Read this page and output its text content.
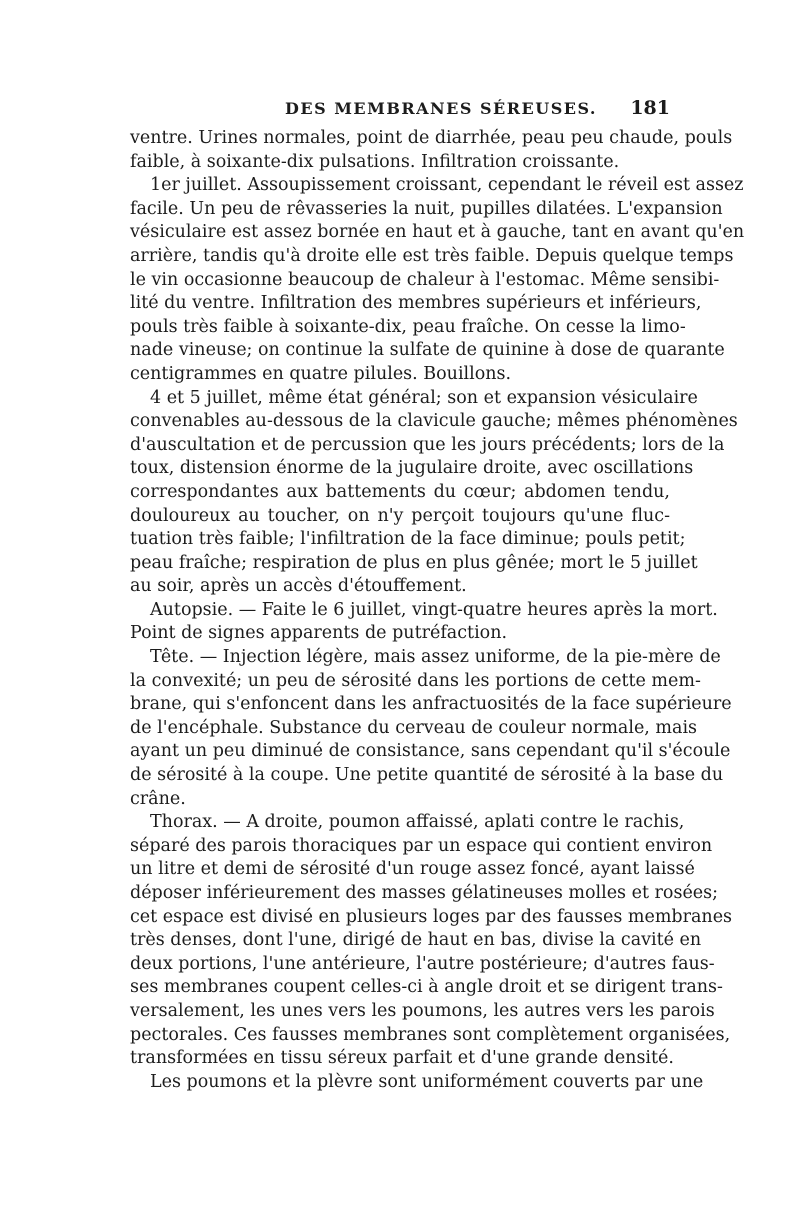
DES MEMBRANES SÉREUSES. 181
ventre. Urines normales, point de diarrhée, peau peu chaude, pouls
faible, à soixante-dix pulsations. Infiltration croissante.
1er juillet. Assoupissement croissant, cependant le réveil est assez
facile. Un peu de rêvasseries la nuit, pupilles dilatées. L'expansion
vésiculaire est assez bornée en haut et à gauche, tant en avant qu'en
arrière, tandis qu'à droite elle est très faible. Depuis quelque temps
le vin occasionne beaucoup de chaleur à l'estomac. Même sensibi-
lité du ventre. Infiltration des membres supérieurs et inférieurs,
pouls très faible à soixante-dix, peau fraîche. On cesse la limo-
nade vineuse; on continue la sulfate de quinine à dose de quarante
centigrammes en quatre pilules. Bouillons.
4 et 5 juillet, même état général; son et expansion vésiculaire
convenables au-dessous de la clavicule gauche; mêmes phénomènes
d'auscultation et de percussion que les jours précédents; lors de la
toux, distension énorme de la jugulaire droite, avec oscillations
correspondantes aux battements du cœur; abdomen tendu,
douloureux au toucher, on n'y perçoit toujours qu'une fluc-
tuation très faible; l'infiltration de la face diminue; pouls petit;
peau fraîche; respiration de plus en plus gênée; mort le 5 juillet
au soir, après un accès d'étouffement.
Autopsie. — Faite le 6 juillet, vingt-quatre heures après la mort.
Point de signes apparents de putréfaction.
Tête. — Injection légère, mais assez uniforme, de la pie-mère de
la convexité; un peu de sérosité dans les portions de cette mem-
brane, qui s'enfoncent dans les anfractuosités de la face supérieure
de l'encéphale. Substance du cerveau de couleur normale, mais
ayant un peu diminué de consistance, sans cependant qu'il s'écoule
de sérosité à la coupe. Une petite quantité de sérosité à la base du
crâne.
Thorax. — A droite, poumon affaissé, aplati contre le rachis,
séparé des parois thoraciques par un espace qui contient environ
un litre et demi de sérosité d'un rouge assez foncé, ayant laissé
déposer inférieurement des masses gélatineuses molles et rosées;
cet espace est divisé en plusieurs loges par des fausses membranes
très denses, dont l'une, dirigé de haut en bas, divise la cavité en
deux portions, l'une antérieure, l'autre postérieure; d'autres faus-
ses membranes coupent celles-ci à angle droit et se dirigent trans-
versalement, les unes vers les poumons, les autres vers les parois
pectorales. Ces fausses membranes sont complètement organisées,
transformées en tissu séreux parfait et d'une grande densité.
Les poumons et la plèvre sont uniformément couverts par une
